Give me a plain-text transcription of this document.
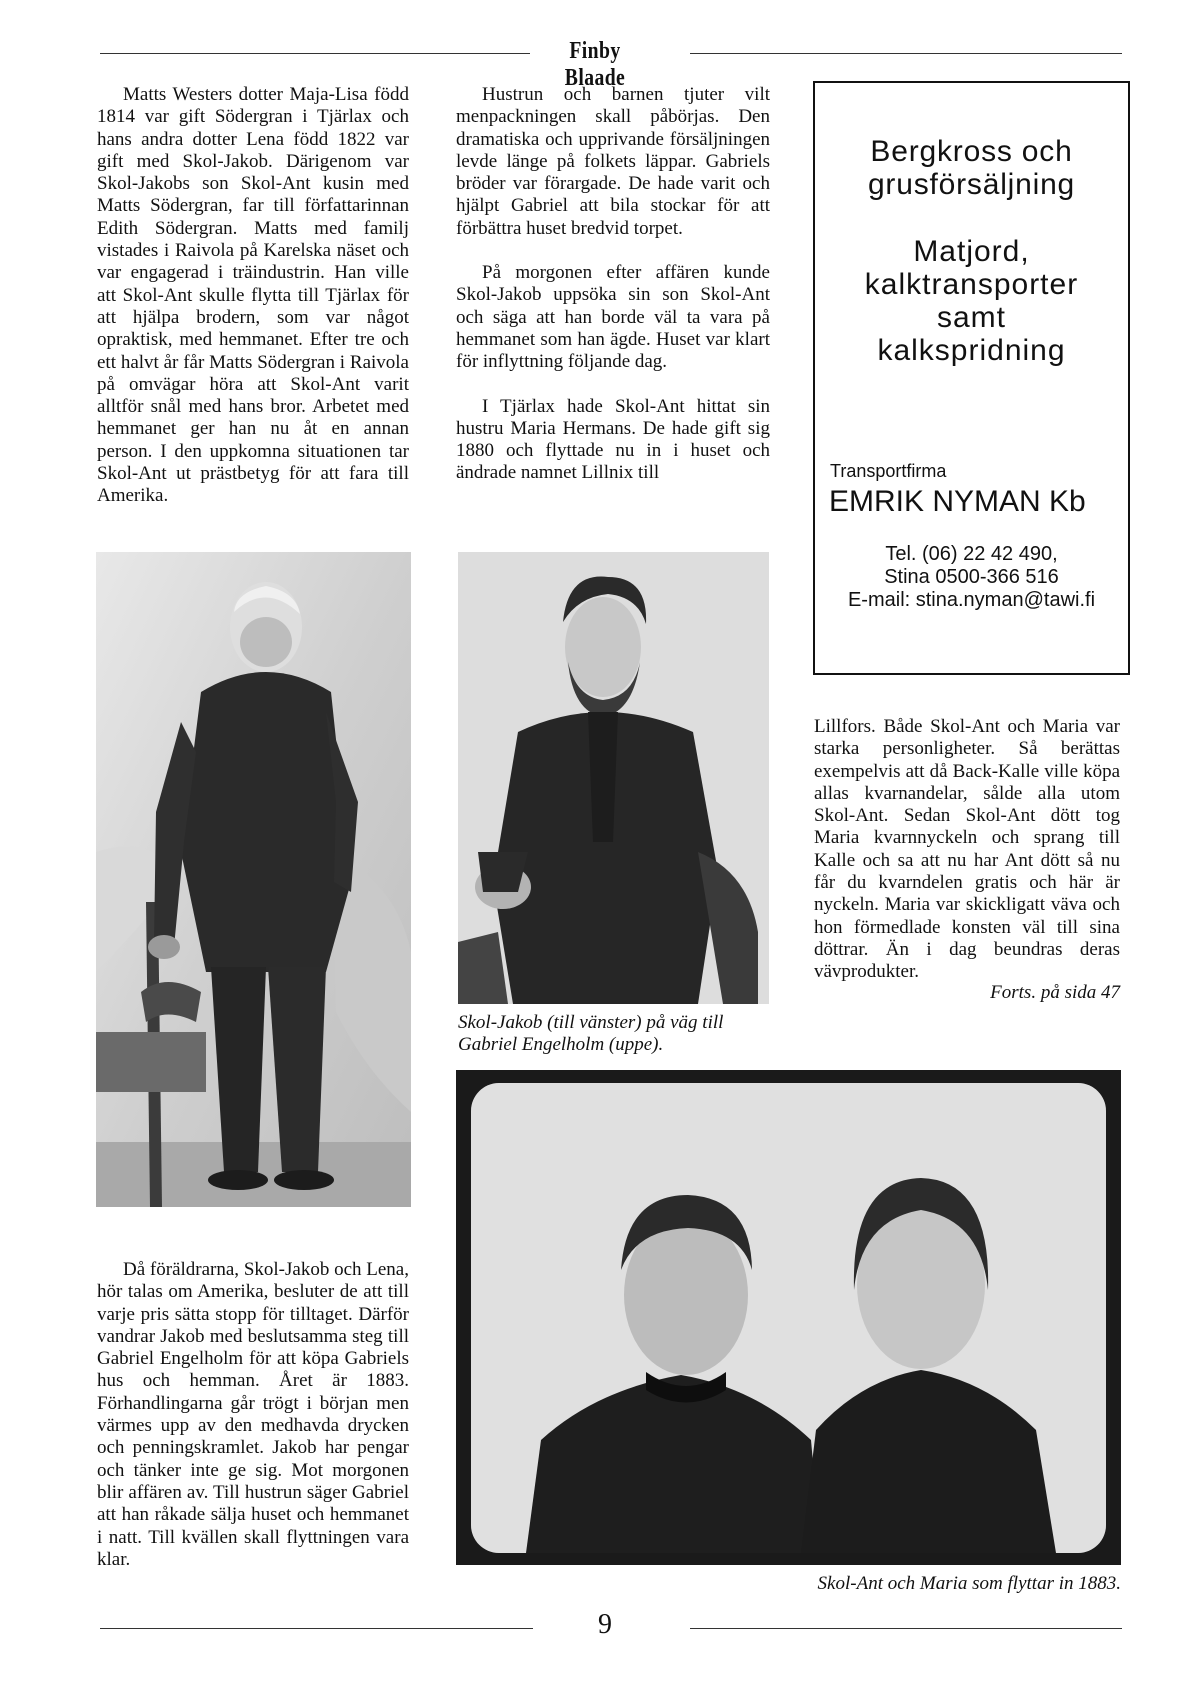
Finby Blaade

Matts Westers dotter Maja-Lisa född 1814 var gift Södergran i Tjärlax och hans andra dotter Lena född 1822 var gift med Skol-Jakob. Därigenom var Skol-Jakobs son Skol-Ant kusin med Matts Södergran, far till författarinnan Edith Södergran. Matts med familj vistades i Raivola på Karelska näset och var engagerad i träindustrin. Han ville att Skol-Ant skulle flytta till Tjärlax för att hjälpa brodern, som var något opraktisk, med hemmanet. Efter tre och ett halvt år får Matts Södergran i Raivola på omvägar höra att Skol-Ant varit alltför snål med hans bror. Arbetet med hemmanet ger han nu åt en annan person. I den uppkomna situationen tar Skol-Ant ut prästbetyg för att fara till Amerika.

Hustrun och barnen tjuter vilt menpackningen skall påbörjas. Den dramatiska och upprivande försäljningen levde länge på folkets läppar. Gabriels bröder var förargade. De hade varit och hjälpt Gabriel att bila stockar för att förbättra huset bredvid torpet.

På morgonen efter affären kunde Skol-Jakob uppsöka sin son Skol-Ant och säga att han borde väl ta vara på hemmanet som han ägde. Huset var klart för inflyttning följande dag.

I Tjärlax hade Skol-Ant hittat sin hustru Maria Hermans. De hade gift sig 1880 och flyttade nu in i huset och ändrade namnet Lillnix till

Bergkross och grusförsäljning
Matjord, kalktransporter samt kalkspridning
Transportfirma
EMRIK NYMAN Kb
Tel. (06) 22 42 490,
Stina 0500-366 516
E-mail: stina.nyman@tawi.fi
Skol-Jakob (till vänster) på väg till Gabriel Engelholm (uppe).

Lillfors. Både Skol-Ant och Maria var starka personligheter. Så berättas exempelvis att då Back-Kalle ville köpa allas kvarnandelar, sålde alla utom Skol-Ant. Sedan Skol-Ant dött tog Maria kvarnnyckeln och sprang till Kalle och sa att nu har Ant dött så nu får du kvarndelen gratis och här är nyckeln. Maria var skickligatt väva och hon förmedlade konsten väl till sina döttrar. Än i dag beundras deras vävprodukter.

Forts. på sida 47
Skol-Ant och Maria som flyttar in 1883.

Då föräldrarna, Skol-Jakob och Lena, hör talas om Amerika, besluter de att till varje pris sätta stopp för tilltaget. Därför vandrar Jakob med beslutsamma steg till Gabriel Engelholm för att köpa Gabriels hus och hemman. Året är 1883. Förhandlingarna går trögt i början men värmes upp av den medhavda drycken och penningskramlet. Jakob har pengar och tänker inte ge sig. Mot morgonen blir affären av. Till hustrun säger Gabriel att han råkade sälja huset och hemmanet i natt. Till kvällen skall flyttningen vara klar.

9
